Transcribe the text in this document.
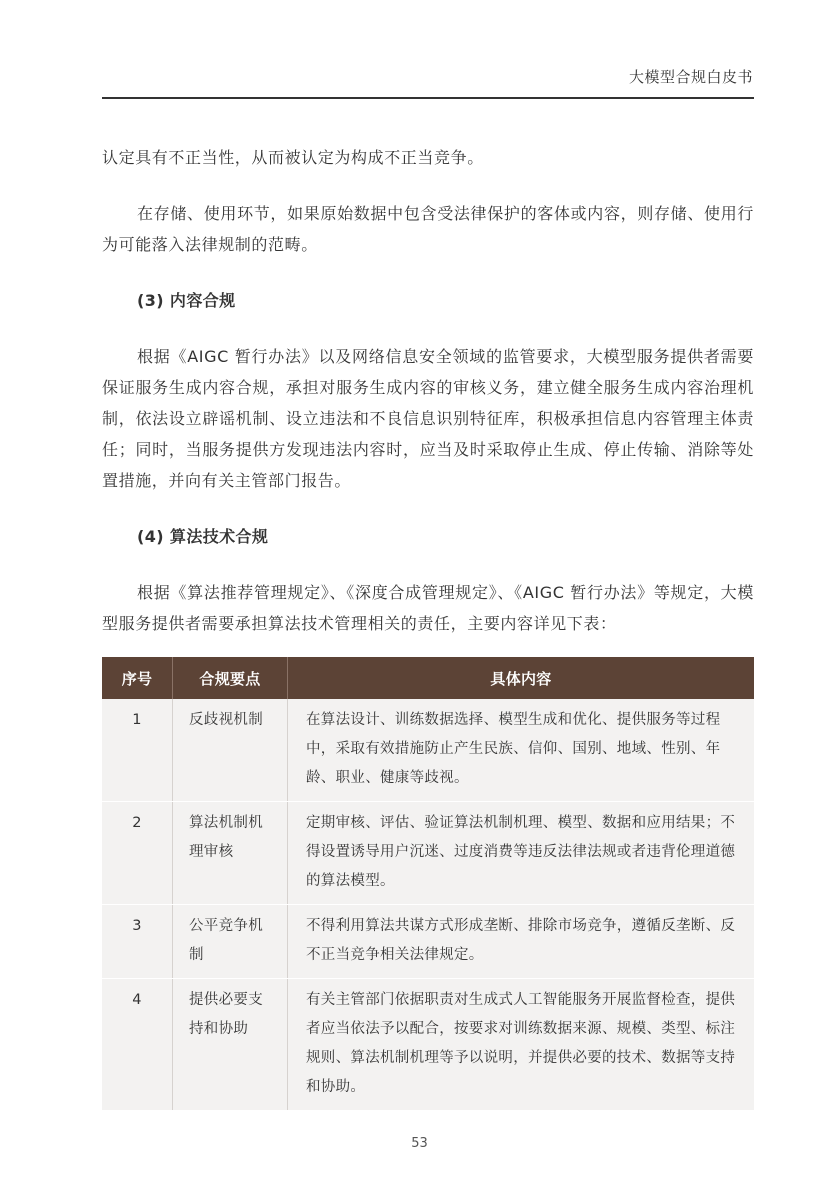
大模型合规白皮书

认定具有不正当性，从而被认定为构成不正当竞争。

在存储、使用环节，如果原始数据中包含受法律保护的客体或内容，则存储、使用行为可能落入法律规制的范畴。

(3) 内容合规

根据《AIGC 暂行办法》以及网络信息安全领域的监管要求，大模型服务提供者需要保证服务生成内容合规，承担对服务生成内容的审核义务，建立健全服务生成内容治理机制，依法设立辟谣机制、设立违法和不良信息识别特征库，积极承担信息内容管理主体责任；同时，当服务提供方发现违法内容时，应当及时采取停止生成、停止传输、消除等处置措施，并向有关主管部门报告。

(4) 算法技术合规

根据《算法推荐管理规定》、《深度合成管理规定》、《AIGC 暂行办法》等规定，大模型服务提供者需要承担算法技术管理相关的责任，主要内容详见下表：

序号	合规要点	具体内容
1	反歧视机制	在算法设计、训练数据选择、模型生成和优化、提供服务等过程中，采取有效措施防止产生民族、信仰、国别、地域、性别、年龄、职业、健康等歧视。
2	算法机制机理审核	定期审核、评估、验证算法机制机理、模型、数据和应用结果；不得设置诱导用户沉迷、过度消费等违反法律法规或者违背伦理道德的算法模型。
3	公平竞争机制	不得利用算法共谋方式形成垄断、排除市场竞争，遵循反垄断、反不正当竞争相关法律规定。
4	提供必要支持和协助	有关主管部门依据职责对生成式人工智能服务开展监督检查，提供者应当依法予以配合，按要求对训练数据来源、规模、类型、标注规则、算法机制机理等予以说明，并提供必要的技术、数据等支持和协助。
53
